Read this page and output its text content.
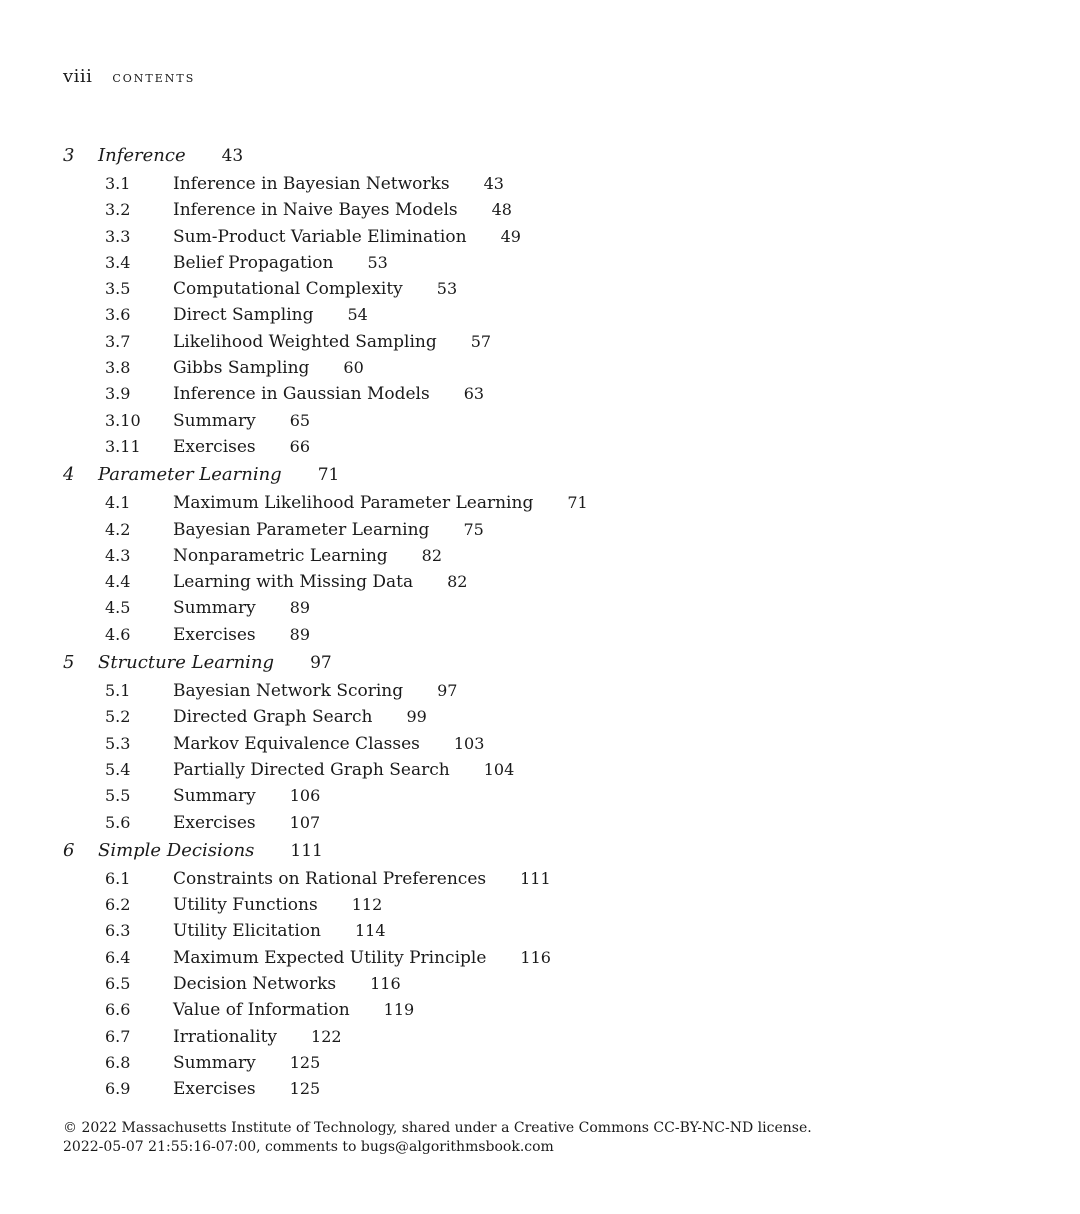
viii contents
3	Inference 43
3.1	Inference in Bayesian Networks 43
3.2	Inference in Naive Bayes Models 48
3.3	Sum-Product Variable Elimination 49
3.4	Belief Propagation 53
3.5	Computational Complexity 53
3.6	Direct Sampling 54
3.7	Likelihood Weighted Sampling 57
3.8	Gibbs Sampling 60
3.9	Inference in Gaussian Models 63
3.10	Summary 65
3.11	Exercises 66
4	Parameter Learning 71
4.1	Maximum Likelihood Parameter Learning 71
4.2	Bayesian Parameter Learning 75
4.3	Nonparametric Learning 82
4.4	Learning with Missing Data 82
4.5	Summary 89
4.6	Exercises 89
5	Structure Learning 97
5.1	Bayesian Network Scoring 97
5.2	Directed Graph Search 99
5.3	Markov Equivalence Classes 103
5.4	Partially Directed Graph Search 104
5.5	Summary 106
5.6	Exercises 107
6	Simple Decisions 111
6.1	Constraints on Rational Preferences 111
6.2	Utility Functions 112
6.3	Utility Elicitation 114
6.4	Maximum Expected Utility Principle 116
6.5	Decision Networks 116
6.6	Value of Information 119
6.7	Irrationality 122
6.8	Summary 125
6.9	Exercises 125
© 2022 Massachusetts Institute of Technology, shared under a Creative Commons CC-BY-NC-ND license.
2022-05-07 21:55:16-07:00, comments to bugs@algorithmsbook.com
